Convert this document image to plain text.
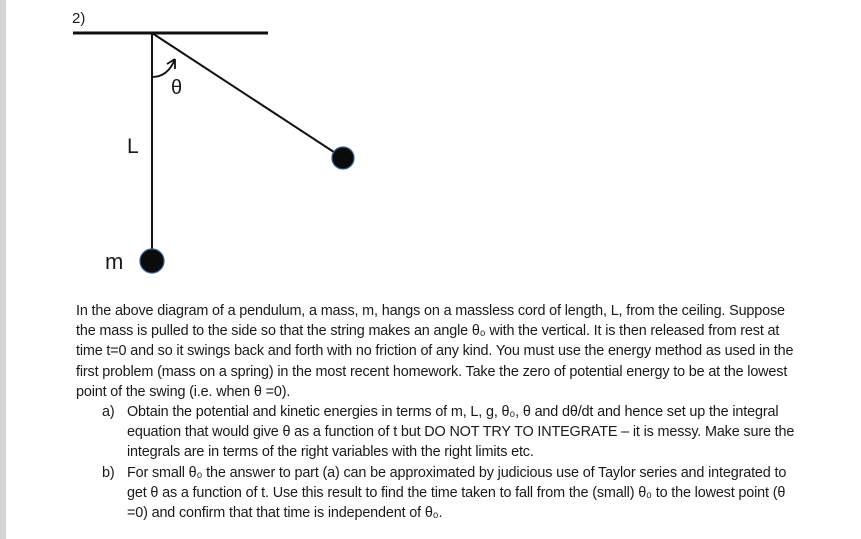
2)
θ
L
m

In the above diagram of a pendulum, a mass, m, hangs on a massless cord of length, L, from the ceiling. Suppose the mass is pulled to the side so that the string makes an angle θ₀ with the vertical. It is then released from rest at time t=0 and so it swings back and forth with no friction of any kind. You must use the energy method as used in the first problem (mass on a spring) in the most recent homework. Take the zero of potential energy to be at the lowest point of the swing (i.e. when θ =0).

a) Obtain the potential and kinetic energies in terms of m, L, g, θ₀, θ and dθ/dt and hence set up the integral equation that would give θ as a function of t but DO NOT TRY TO INTEGRATE – it is messy. Make sure the integrals are in terms of the right variables with the right limits etc.
b) For small θ₀ the answer to part (a) can be approximated by judicious use of Taylor series and integrated to get θ as a function of t. Use this result to find the time taken to fall from the (small) θ₀ to the lowest point (θ =0) and confirm that that time is independent of θ₀.
